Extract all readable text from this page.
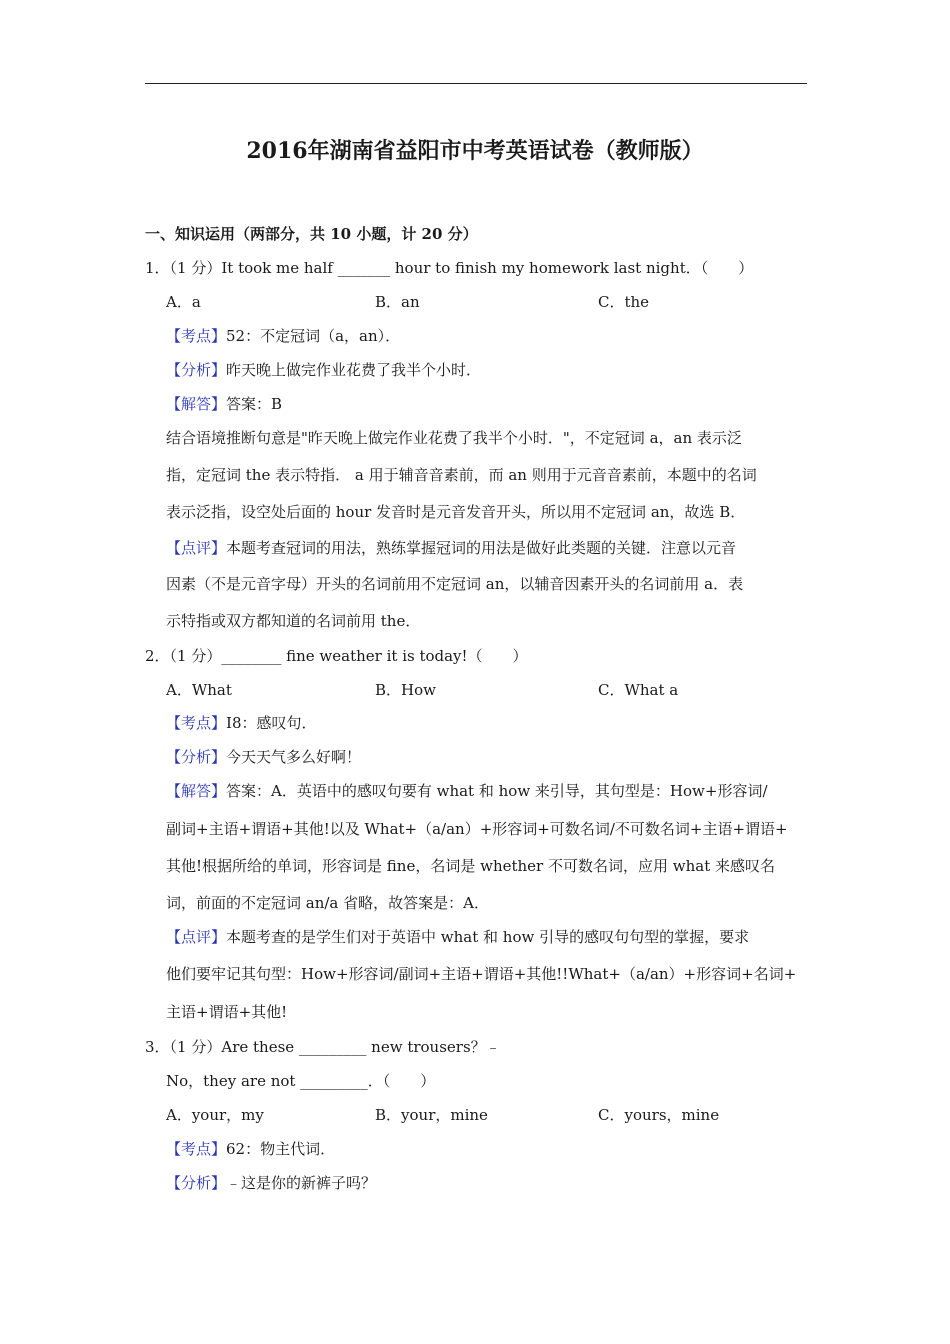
2016年湖南省益阳市中考英语试卷（教师版）
一、知识运用（两部分，共 10 小题，计 20 分）
1．（1 分）It took me half _______ hour to finish my homework last night．（　　）
A．a	B．an	C．the
【考点】52：不定冠词（a，an）．
【分析】昨天晚上做完作业花费了我半个小时．
【解答】答案：B
结合语境推断句意是"昨天晚上做完作业花费了我半个小时．"，不定冠词 a，an 表示泛
指，定冠词 the 表示特指． a 用于辅音音素前，而 an 则用于元音音素前，本题中的名词
表示泛指，设空处后面的 hour 发音时是元音发音开头，所以用不定冠词 an，故选 B．
【点评】本题考查冠词的用法，熟练掌握冠词的用法是做好此类题的关键．注意以元音
因素（不是元音字母）开头的名词前用不定冠词 an，以辅音因素开头的名词前用 a．表
示特指或双方都知道的名词前用 the．
2．（1 分）________ fine weather it is today!（　　）
A．What	B．How	C．What a
【考点】I8：感叹句．
【分析】今天天气多么好啊！
【解答】答案：A．英语中的感叹句要有 what 和 how 来引导，其句型是：How+形容词/
副词+主语+谓语+其他!以及 What+（a/an）+形容词+可数名词/不可数名词+主语+谓语+
其他!根据所给的单词，形容词是 fine，名词是 whether 不可数名词，应用 what 来感叹名
词，前面的不定冠词 an/a 省略，故答案是：A．
【点评】本题考查的是学生们对于英语中 what 和 how 引导的感叹句句型的掌握，要求
他们要牢记其句型：How+形容词/副词+主语+谓语+其他!!What+（a/an）+形容词+名词+
主语+谓语+其他!
3．（1 分）Are these _________ new trousers？﹣
No，they are not _________．（　　）
A．your，my	B．your，mine	C．yours，mine
【考点】62：物主代词．
【分析】﹣这是你的新裤子吗？
